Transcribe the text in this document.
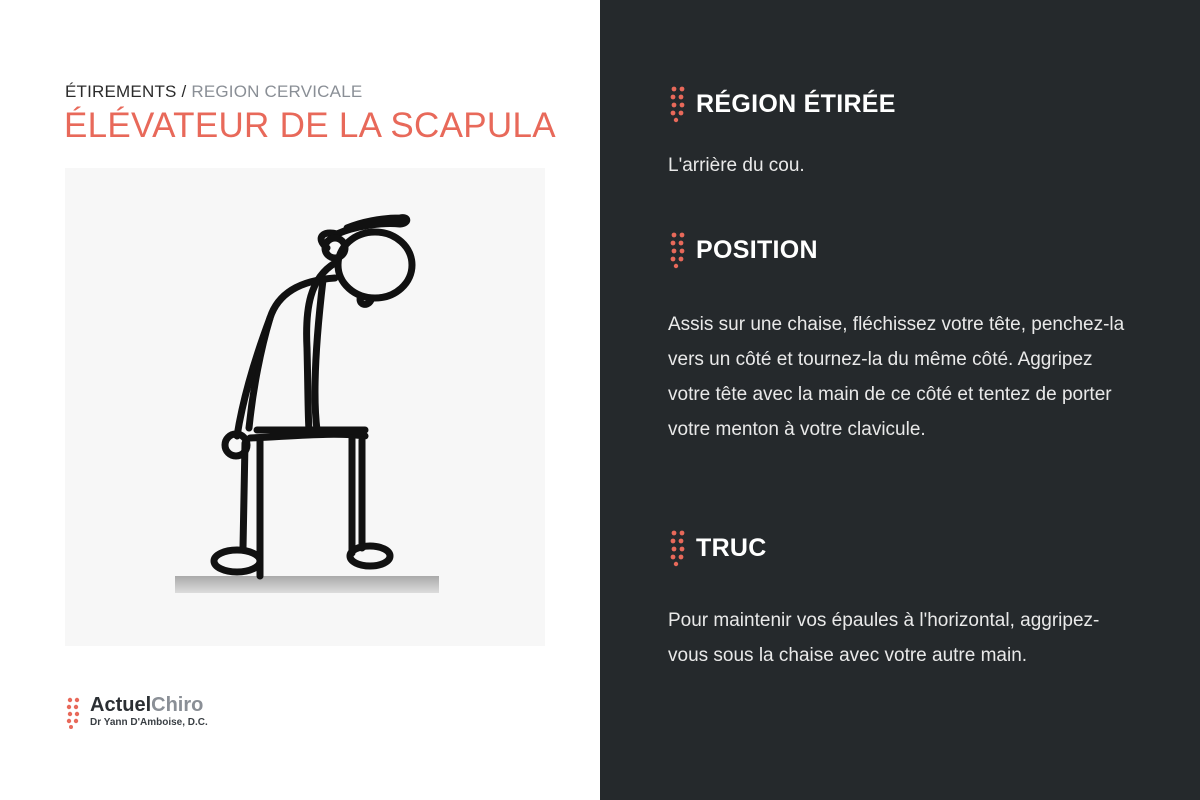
ÉTIREMENTS / REGION CERVICALE
ÉLÉVATEUR DE LA SCAPULA
ActuelChiro
Dr Yann D'Amboise, D.C.
RÉGION ÉTIRÉE

L'arrière du cou.

POSITION

Assis sur une chaise, fléchissez votre tête, penchez-la vers un côté et tournez-la du même côté. Aggripez votre tête avec la main de ce côté et tentez de porter votre menton à votre clavicule.

TRUC

Pour maintenir vos épaules à l'horizontal, aggripez-vous sous la chaise avec votre autre main.
